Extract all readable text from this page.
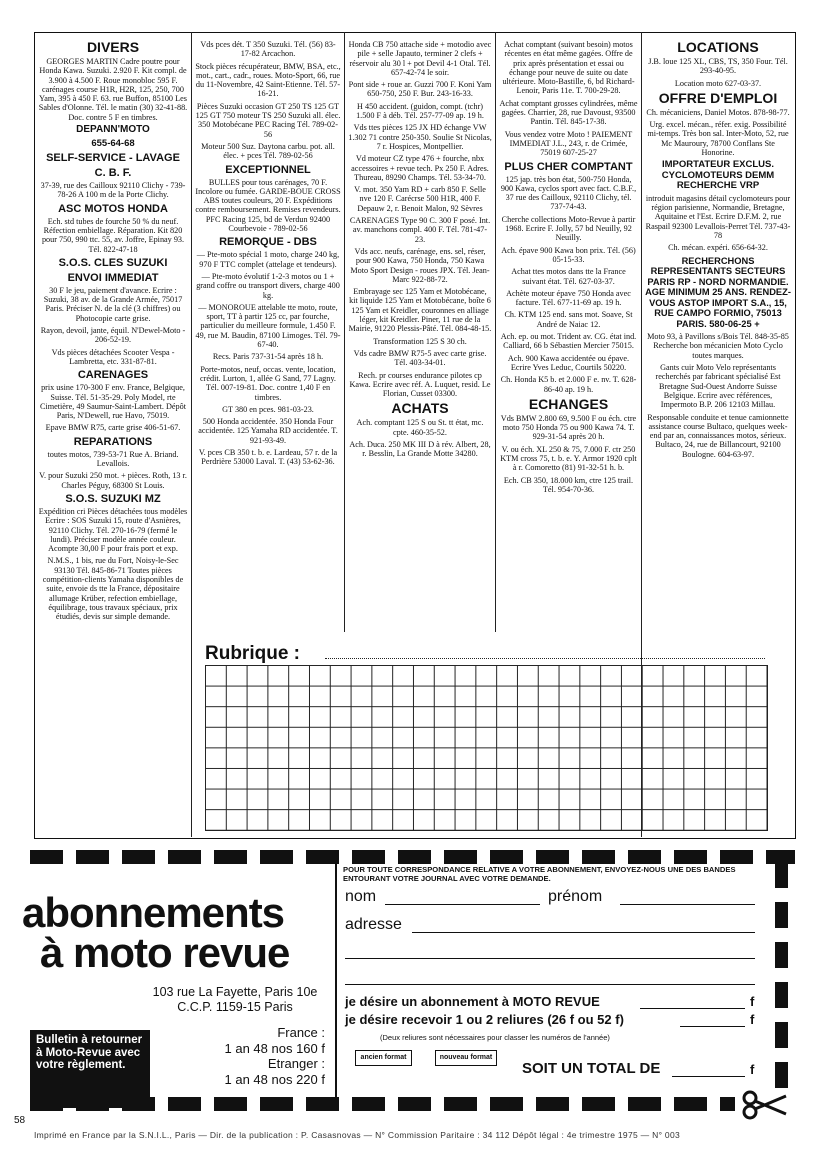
DIVERS

GEORGES MARTIN Cadre poutre pour Honda Kawa. Suzuki. 2.920 F. Kit compl. de 3.900 à 4.500 F. Roue monobloc 595 F. carénages course H1R, H2R, 125, 250, 700 Yam, 395 à 450 F. 63. rue Buffon, 85100 Les Sables d'Olonne. Tél. le matin (30) 32-41-88. Doc. contre 5 F en timbres.

DEPANN'MOTO
655-64-68
SELF-SERVICE - LAVAGE
C. B. F.

37-39, rue des Cailloux 92110 Clichy - 739-78-26 A 100 m de la Porte Clichy.

ASC MOTOS HONDA

Ech. std tubes de fourche 50 % du neuf. Réfection embiellage. Réparation. Kit 820 pour 750, 990 ttc. 55, av. Joffre, Epinay 93. Tél. 822-47-18

S.O.S. CLES SUZUKI
ENVOI IMMEDIAT

30 F le jeu, paiement d'avance. Ecrire : Suzuki, 38 av. de la Grande Armée, 75017 Paris. Préciser N. de la clé (3 chiffres) ou Photocopie carte grise.

Rayon, devoil, jante, équil. N'Dewel-Moto - 206-52-19.

Vds pièces détachées Scooter Vespa - Lambretta, etc. 331-87-81.

CARENAGES

prix usine 170-300 F env. France, Belgique, Suisse. Tél. 51-35-29. Poly Model, rte Cimetière, 49 Saumur-Saint-Lambert. Dépôt Paris, N'Dewell, rue Havo, 75019.

Epave BMW R75, carte grise 406-51-67.

REPARATIONS

toutes motos, 739-53-71 Rue A. Briand. Levallois.

V. pour Suzuki 250 mot. + pièces. Roth, 13 r. Charles Péguy, 68300 St Louis.

S.O.S. SUZUKI MZ

Expédition cri Pièces détachées tous modèles Ecrire : SOS Suzuki 15, route d'Asnières, 92110 Clichy. Tél. 270-16-79 (fermé le lundi). Préciser modèle année couleur. Acompte 30,00 F pour frais port et exp.

N.M.S., 1 bis, rue du Fort, Noisy-le-Sec 93130 Tél. 845-86-71 Toutes pièces compétition-clients Yamaha disponibles de suite, envoie ds tte la France, dépositaire allumage Krüber, refection embiellage, équilibrage, tous travaux spéciaux, prix étudiés, devis sur simple demande.

Vds pces dét. T 350 Suzuki. Tél. (56) 83-17-82 Arcachon.

Stock pièces récupérateur, BMW, BSA, etc., mot., cart., cadr., roues. Moto-Sport, 66, rue du 11-Novembre, 42 Saint-Etienne. Tél. 57-16-21.

Pièces Suzuki occasion GT 250 TS 125 GT 125 GT 750 moteur TS 250 Suzuki all. élec. 350 Motobécane PEC Racing Tél. 789-02-56

Moteur 500 Suz. Daytona carbu. pot. all. élec. + pces Tél. 789-02-56

EXCEPTIONNEL

BULLES pour tous carénages, 70 F. Incolore ou fumée. GARDE-BOUE CROSS ABS toutes couleurs, 20 F. Expéditions contre remboursement. Remises revendeurs. PFC Racing 125, bd de Verdun 92400 Courbevoie - 789-02-56

REMORQUE - DBS

— Pte-moto spécial 1 moto, charge 240 kg, 970 F TTC complet (attelage et tendeurs).

— Pte-moto évolutif 1-2-3 motos ou 1 + grand coffre ou transport divers, charge 400 kg.

— MONOROUE attelable tte moto, route, sport, TT à partir 125 cc, par fourche, particulier du meilleure formule, 1.450 F. 49, rue M. Baudin, 87100 Limoges. Tél. 79-67-40.

Recs. Paris 737-31-54 après 18 h.

Porte-motos, neuf, occas. vente, location, crédit. Lurton, 1, allée G Sand, 77 Lagny. Tél. 007-19-81. Doc. contre 1,40 F en timbres.

GT 380 en pces. 981-03-23.

500 Honda accidentée. 350 Honda Four accidentée. 125 Yamaha RD accidentée. T. 921-93-49.

V. pces CB 350 t. b. e. Lardeau, 57 r. de la Perdrière 53000 Laval. T. (43) 53-62-36.

Honda CB 750 attache side + motodio avec pile + selle Japauto, terminer 2 clefs + réservoir alu 30 l + pot Devil 4-1 Otal. Tél. 657-42-74 le soir.

Pont side + roue ar. Guzzi 700 F. Koni Yam 650-750, 250 F. Bur. 243-16-33.

H 450 accident. (guidon, compt. (tchr) 1.500 F à déb. Tél. 257-77-09 ap. 19 h.

Vds ttes pièces 125 JX HD échange VW 1.302 71 contre 250-350. Soulie St Nicolas, 7 r. Hospices, Montpellier.

Vd moteur CZ type 476 + fourche, nbx accessoires + revue tech. Px 250 F. Adres. Thureau, 89290 Champs. Tél. 53-34-70.

V. mot. 350 Yam RD + carb 850 F. Selle nve 120 F. Carécrse 500 H1R, 400 F. Depauw 2, r. Benoit Malon, 92 Sèvres

CARENAGES Type 90 C. 300 F posé. Int. av. manchons compl. 400 F. Tél. 781-47-23.

Vds acc. neufs, carénage, ens. sel, réser, pour 900 Kawa, 750 Honda, 750 Kawa Moto Sport Design - roues JPX. Tél. Jean-Marc 922-88-72.

Embrayage sec 125 Yam et Motobécane, kit liquide 125 Yam et Motobécane, boîte 6 125 Yam et Kreidler, couronnes en alliage léger, kit Kreidler. Piner, 11 rue de la Mairie, 91220 Plessis-Pâté. Tél. 084-48-15.

Transformation 125 S 30 ch.

Vds cadre BMW R75-5 avec carte grise. Tél. 403-34-01.

Rech. pr courses endurance pilotes cp Kawa. Ecrire avec réf. A. Luquet, resid. Le Florian, Cusset 03300.

ACHATS

Ach. comptant 125 S ou St. tt état, mc. cpte. 460-35-52.

Ach. Duca. 250 MK III D à rév. Albert, 28, r. Besslin, La Grande Motte 34280.

Achat comptant (suivant besoin) motos récentes en état même gagées. Offre de prix après présentation et essai ou échange pour neuve de suite ou date ultérieure. Moto-Bastille, 6, bd Richard-Lenoir, Paris 11e. T. 700-29-28.

Achat comptant grosses cylindrées, même gagées. Charrier, 28, rue Davoust, 93500 Pantin. Tél. 845-17-38.

Vous vendez votre Moto ! PAIEMENT IMMEDIAT J.L., 243, r. de Crimée, 75019 607-25-27

PLUS CHER COMPTANT

125 jap. très bon état, 500-750 Honda, 900 Kawa, cyclos sport avec fact. C.B.F., 37 rue des Cailloux, 92110 Clichy, tél. 737-74-43.

Cherche collections Moto-Revue à partir 1968. Ecrire F. Jolly, 57 bd Neuilly, 92 Neuilly.

Ach. épave 900 Kawa bon prix. Tél. (56) 05-15-33.

Achat ttes motos dans tte la France suivant état. Tél. 627-03-37.

Achète moteur épave 750 Honda avec facture. Tél. 677-11-69 ap. 19 h.

Ch. KTM 125 end. sans mot. Soave, St André de Naiac 12.

Ach. ep. ou mot. Trident av. CG. état ind. Calliard, 66 b Sébastien Mercier 75015.

Ach. 900 Kawa accidentée ou épave. Ecrire Yves Leduc, Courtils 50220.

Ch. Honda K5 b. et 2.000 F e. nv. T. 628-86-40 ap. 19 h.

ECHANGES

Vds BMW 2.800 69, 9.500 F ou éch. ctre moto 750 Honda 75 ou 900 Kawa 74. T. 929-31-54 après 20 h.

V. ou éch. XL 250 & 75, 7.000 F. ctr 250 KTM cross 75, t. b. e. Y. Armor 1920 cplt à r. Comoretto (81) 91-32-51 h. b.

Ech. CB 350, 18.000 km, ctre 125 trail. Tél. 954-70-36.

LOCATIONS

J.B. loue 125 XL, CBS, TS, 350 Four. Tél. 293-40-95.

Location moto 627-03-37.

OFFRE D'EMPLOI

Ch. mécaniciens, Daniel Motos. 878-98-77.

Urg. excel. mécan., réfer. exig. Possibilité mi-temps. Très bon sal. Inter-Moto, 52, rue Mc Mauroury, 78700 Conflans Ste Honorine.

IMPORTATEUR EXCLUS. CYCLOMOTEURS DEMM RECHERCHE VRP

introduit magasins détail cyclomoteurs pour région parisienne, Normandie, Bretagne, Aquitaine et l'Est. Ecrire D.F.M. 2, rue Raspail 92300 Levallois-Perret Tél. 737-43-78

Ch. mécan. expéri. 656-64-32.

RECHERCHONS REPRESENTANTS SECTEURS PARIS RP - NORD NORMANDIE. AGE MINIMUM 25 ANS. RENDEZ-VOUS ASTOP IMPORT S.A., 15, RUE CAMPO FORMIO, 75013 PARIS. 580-06-25 +

Moto 93, à Pavillons s/Bois Tél. 848-35-85 Recherche bon mécanicien Moto Cyclo toutes marques.

Gants cuir Moto Velo représentants recherchés par fabricant spécialisé Est Bretagne Sud-Ouest Andorre Suisse Belgique. Ecrire avec références, Impermoto B.P. 206 12103 Millau.

Responsable conduite et tenue camionnette assistance course Bultaco, quelques week-end par an, connaissances motos, sérieux. Bultaco, 24, rue de Billancourt, 92100 Boulogne. 604-63-97.

Rubrique :
abonnements
à moto revue
103 rue La Fayette, Paris 10e
C.C.P. 1159-15 Paris
France :
1 an 48 nos 160 f
Etranger :
1 an 48 nos 220 f
Bulletin à retourner à Moto-Revue avec votre règlement.
POUR TOUTE CORRESPONDANCE RELATIVE A VOTRE ABONNEMENT, ENVOYEZ-NOUS UNE DES BANDES ENTOURANT VOTRE JOURNAL AVEC VOTRE DEMANDE.
nom	prénom
adresse
je désire un abonnement à MOTO REVUE	f
je désire recevoir 1 ou 2 reliures (26 f ou 52 f)	f
(Deux reliures sont nécessaires pour classer les numéros de l'année)
ancien format	nouveau format
SOIT UN TOTAL DE	f
58
Imprimé en France par la S.N.I.L., Paris — Dir. de la publication : P. Casasnovas — N° Commission Paritaire : 34 112 Dépôt légal : 4e trimestre 1975 — N° 003
